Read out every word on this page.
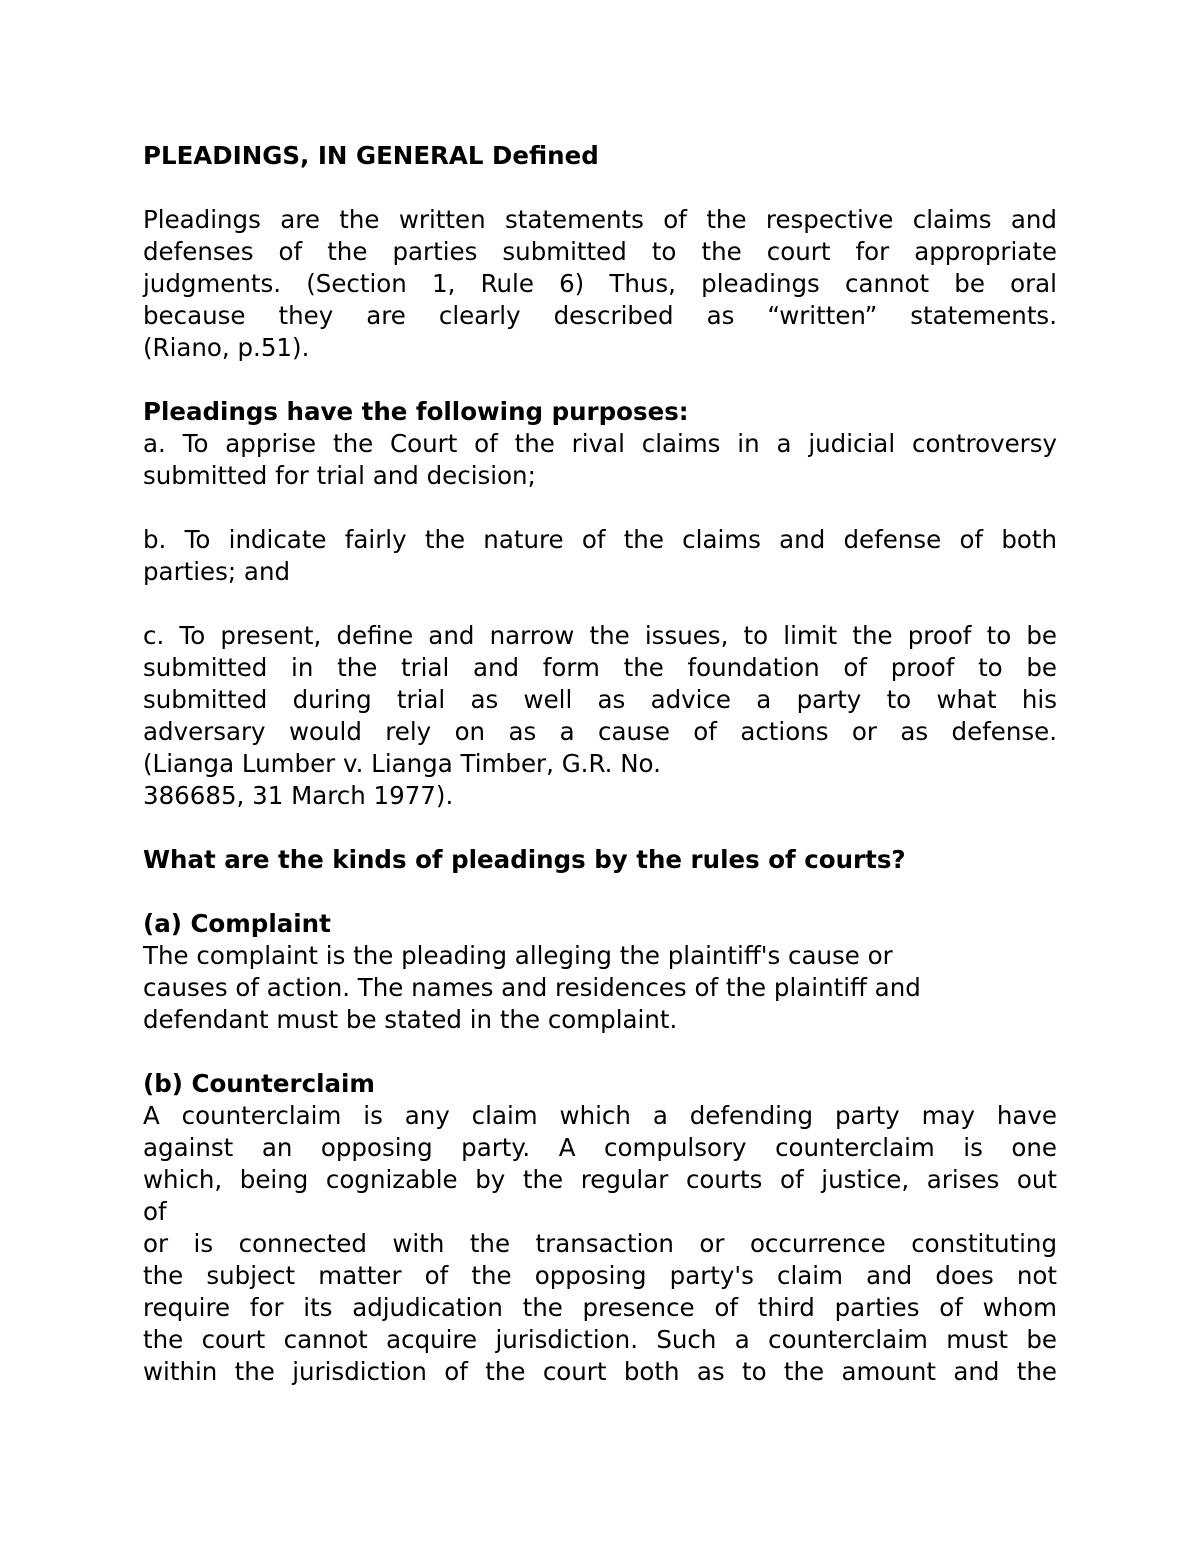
PLEADINGS, IN GENERAL Defined

Pleadings are the written statements of the respective claims and
defenses of the parties submitted to the court for appropriate
judgments. (Section 1, Rule 6) Thus, pleadings cannot be oral
because they are clearly described as “written” statements.
(Riano, p.51).

Pleadings have the following purposes:

a. To apprise the Court of the rival claims in a judicial controversy
submitted for trial and decision;
b. To indicate fairly the nature of the claims and defense of both
parties; and
c. To present, define and narrow the issues, to limit the proof to be
submitted in the trial and form the foundation of proof to be
submitted during trial as well as advice a party to what his
adversary would rely on as a cause of actions or as defense.
(Lianga Lumber v. Lianga Timber, G.R. No.
386685, 31 March 1977).

What are the kinds of pleadings by the rules of courts?

(a) Complaint

The complaint is the pleading alleging the plaintiff's cause or
causes of action. The names and residences of the plaintiff and
defendant must be stated in the complaint.

(b) Counterclaim

A counterclaim is any claim which a defending party may have
against an opposing party. A compulsory counterclaim is one
which, being cognizable by the regular courts of justice, arises out
of
or is connected with the transaction or occurrence constituting
the subject matter of the opposing party's claim and does not
require for its adjudication the presence of third parties of whom
the court cannot acquire jurisdiction. Such a counterclaim must be
within the jurisdiction of the court both as to the amount and the
